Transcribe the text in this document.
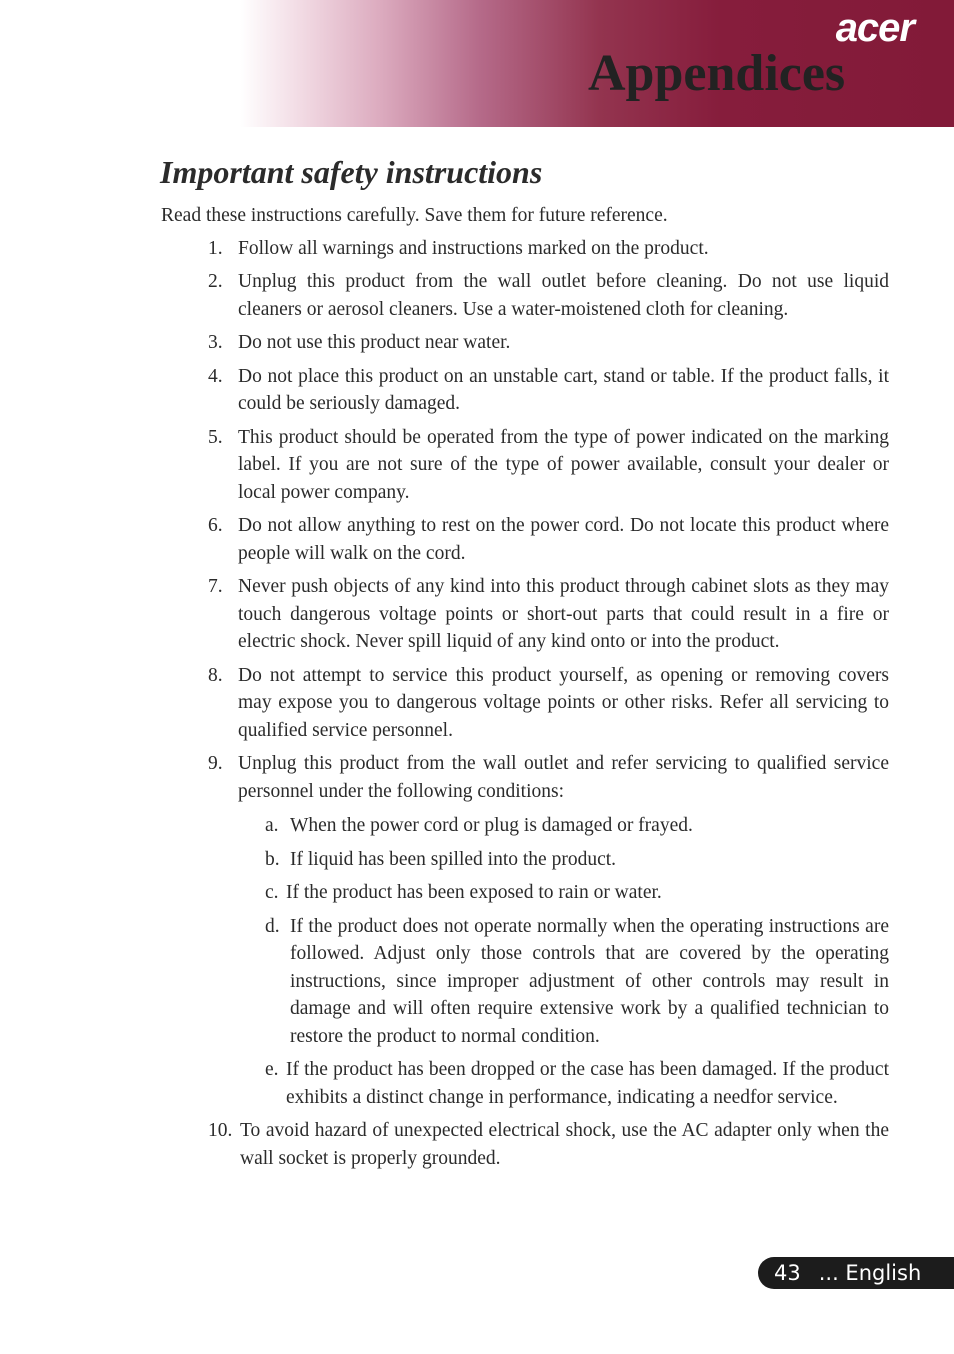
acer
Appendices
Important safety instructions

Read these instructions carefully. Save them for future reference.

1. Follow all warnings and instructions marked on the product.
2. Unplug this product from the wall outlet before cleaning. Do not use liquid cleaners or aerosol cleaners. Use a water-moistened cloth for cleaning.
3. Do not use this product near water.
4. Do not place this product on an unstable cart, stand or table. If the product falls, it could be seriously damaged.
5. This product should be operated from the type of power indicated on the marking label. If you are not sure of the type of power available, consult your dealer or local power company.
6. Do not allow anything to rest on the power cord. Do not locate this product where people will walk on the cord.
7. Never push objects of any kind into this product through cabinet slots as they may touch dangerous voltage points or short-out parts that could result in a fire or electric shock. Never spill liquid of any kind onto or into the product.
8. Do not attempt to service this product yourself, as opening or removing covers may expose you to dangerous voltage points or other risks. Refer all servicing to qualified service personnel.
9. Unplug this product from the wall outlet and refer servicing to qualified service personnel under the following conditions:
a. When the power cord or plug is damaged or frayed.
b. If liquid has been spilled into the product.
c. If the product has been exposed to rain or water.
d. If the product does not operate normally when the operating instructions are followed. Adjust only those controls that are covered by the operating instructions, since improper adjustment of other controls may result in damage and will often require extensive work by a qualified technician to restore the product to normal condition.
e. If the product has been dropped or the case has been damaged. If the product exhibits a distinct change in performance, indicating a needfor service.
10. To avoid hazard of unexpected electrical shock, use the AC adapter only when the wall socket is properly grounded.
43 ... English
